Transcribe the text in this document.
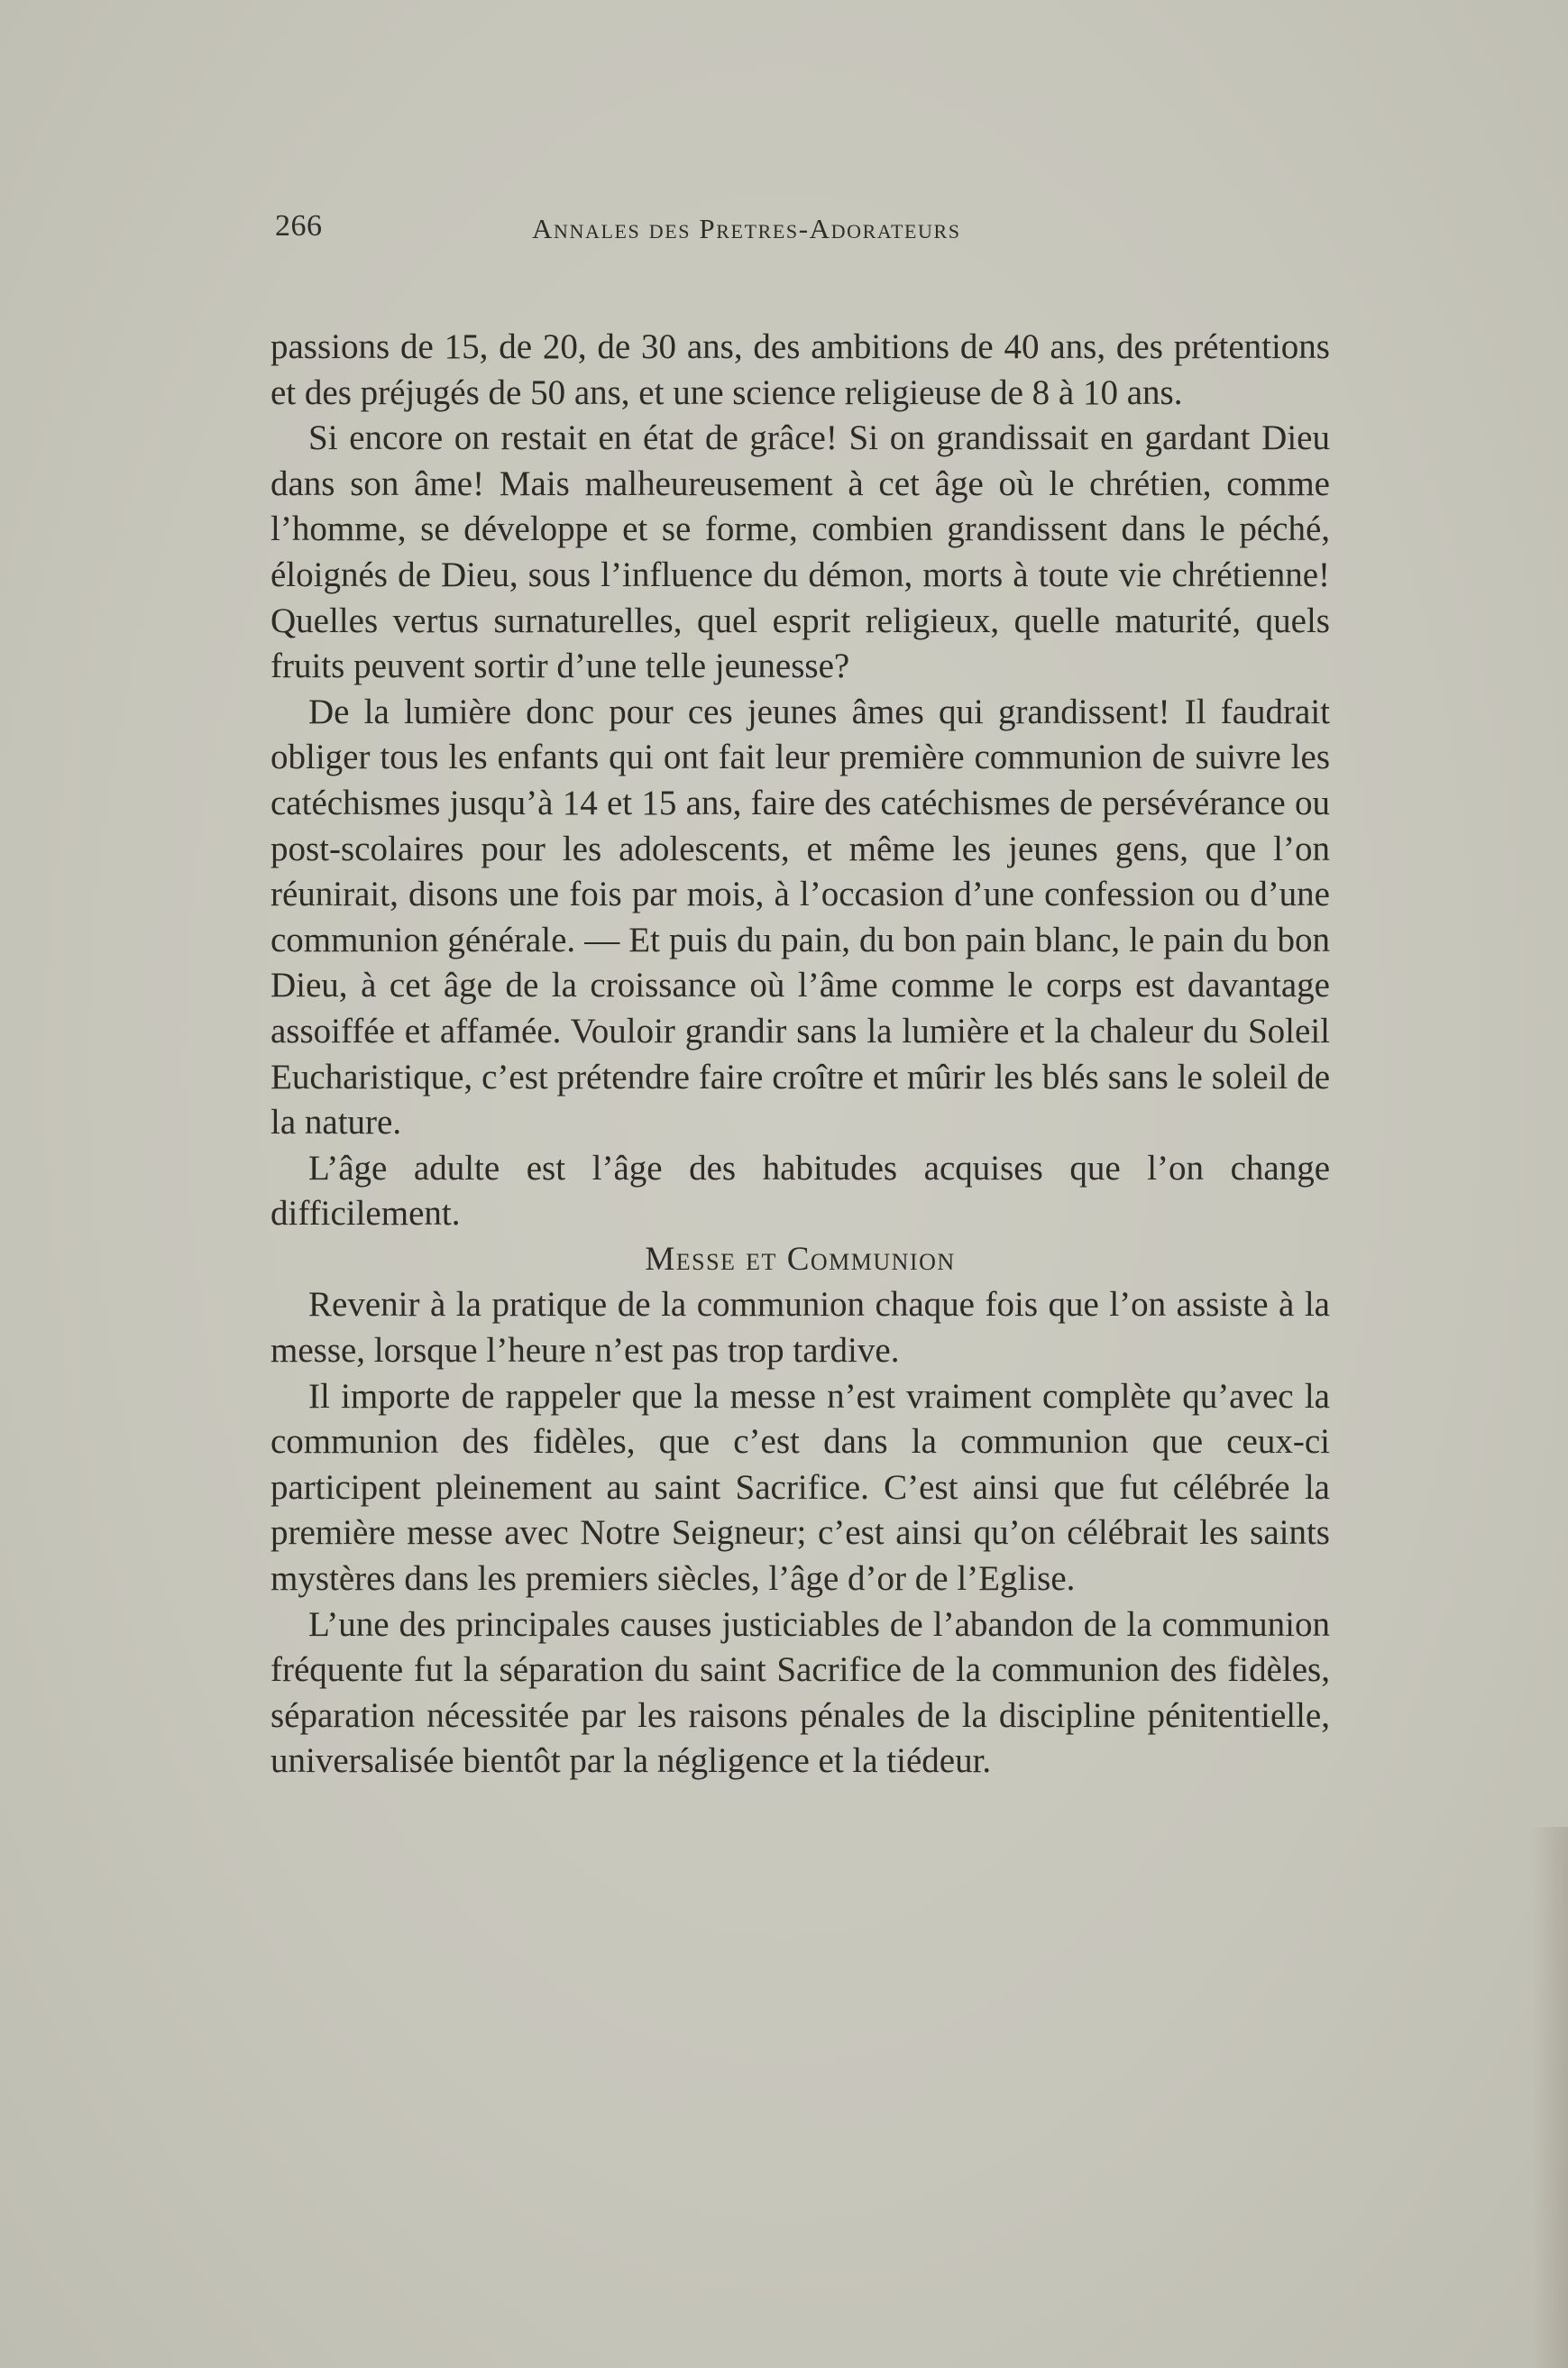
266	Annales des Pretres-Adorateurs

passions de 15, de 20, de 30 ans, des ambitions de 40 ans, des prétentions et des préjugés de 50 ans, et une science religieuse de 8 à 10 ans.

Si encore on restait en état de grâce! Si on grandissait en gardant Dieu dans son âme! Mais malheureusement à cet âge où le chrétien, comme l’homme, se développe et se forme, combien grandissent dans le péché, éloignés de Dieu, sous l’influence du démon, morts à toute vie chrétienne! Quelles vertus surnaturelles, quel esprit religieux, quelle maturité, quels fruits peuvent sortir d’une telle jeunesse?

De la lumière donc pour ces jeunes âmes qui grandissent! Il faudrait obliger tous les enfants qui ont fait leur première communion de suivre les catéchismes jusqu’à 14 et 15 ans, faire des catéchismes de persévérance ou post-scolaires pour les adolescents, et même les jeunes gens, que l’on réunirait, disons une fois par mois, à l’occasion d’une confession ou d’une communion générale. — Et puis du pain, du bon pain blanc, le pain du bon Dieu, à cet âge de la croissance où l’âme comme le corps est davantage assoiffée et affamée. Vouloir grandir sans la lumière et la chaleur du Soleil Eucharistique, c’est prétendre faire croître et mûrir les blés sans le soleil de la nature.

L’âge adulte est l’âge des habitudes acquises que l’on change difficilement.

Messe et Communion

Revenir à la pratique de la communion chaque fois que l’on assiste à la messe, lorsque l’heure n’est pas trop tardive.

Il importe de rappeler que la messe n’est vraiment complète qu’avec la communion des fidèles, que c’est dans la communion que ceux-ci participent pleinement au saint Sacrifice. C’est ainsi que fut célébrée la première messe avec Notre Seigneur; c’est ainsi qu’on célébrait les saints mystères dans les premiers siècles, l’âge d’or de l’Eglise.

L’une des principales causes justiciables de l’abandon de la communion fréquente fut la séparation du saint Sacrifice de la communion des fidèles, séparation nécessitée par les raisons pénales de la discipline pénitentielle, universalisée bientôt par la négligence et la tiédeur.
